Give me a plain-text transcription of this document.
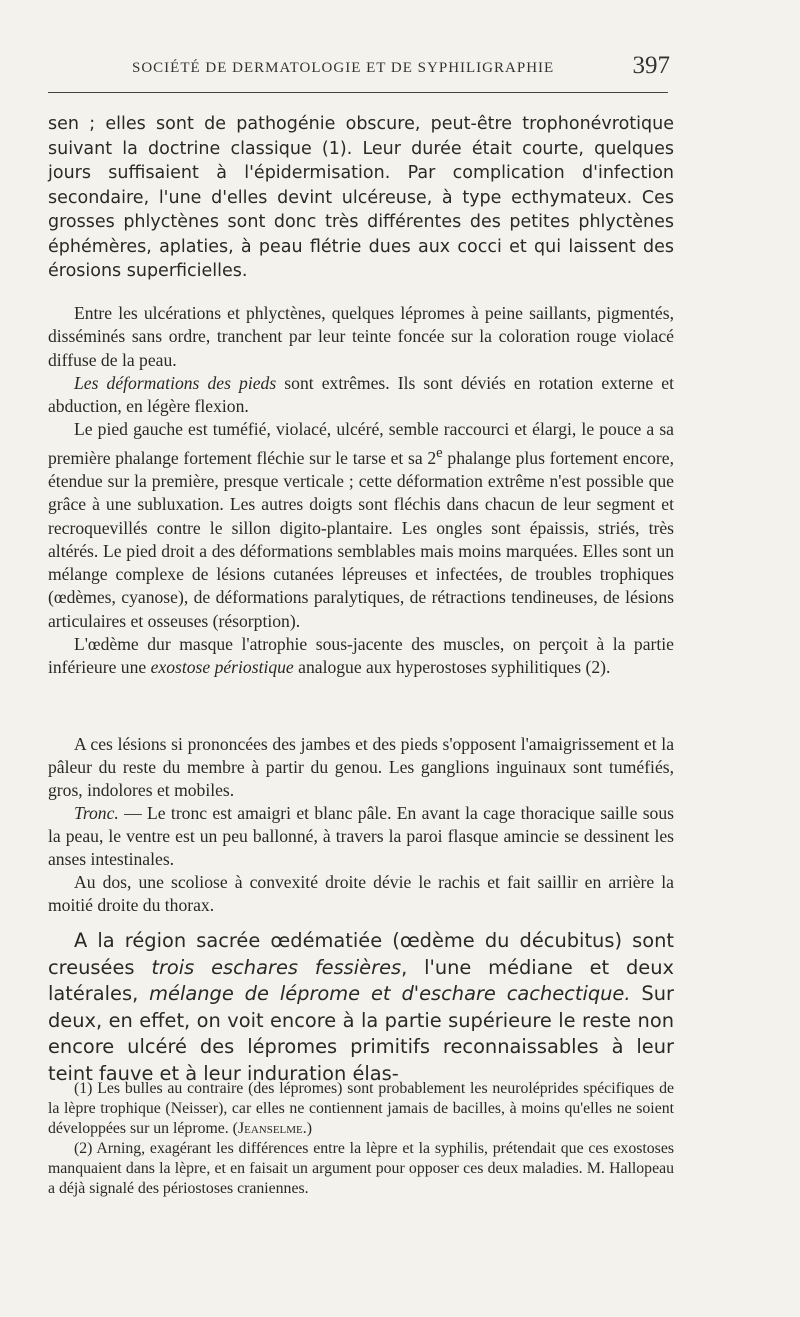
SOCIÉTÉ DE DERMATOLOGIE ET DE SYPHILIGRAPHIE	397

sen ; elles sont de pathogénie obscure, peut-être trophonévrotique suivant la doctrine classique (1). Leur durée était courte, quelques jours suffisaient à l'épidermisation. Par complication d'infection secondaire, l'une d'elles devint ulcéreuse, à type ecthymateux. Ces grosses phlyctènes sont donc très différentes des petites phlyctènes éphémères, aplaties, à peau flétrie dues aux cocci et qui laissent des érosions superficielles.

Entre les ulcérations et phlyctènes, quelques lépromes à peine saillants, pigmentés, disséminés sans ordre, tranchent par leur teinte foncée sur la coloration rouge violacé diffuse de la peau.

Les déformations des pieds sont extrêmes. Ils sont déviés en rotation externe et abduction, en légère flexion.

Le pied gauche est tuméfié, violacé, ulcéré, semble raccourci et élargi, le pouce a sa première phalange fortement fléchie sur le tarse et sa 2e phalange plus fortement encore, étendue sur la première, presque verticale ; cette déformation extrême n'est possible que grâce à une subluxation. Les autres doigts sont fléchis dans chacun de leur segment et recroquevillés contre le sillon digito-plantaire. Les ongles sont épaissis, striés, très altérés. Le pied droit a des déformations semblables mais moins marquées. Elles sont un mélange complexe de lésions cutanées lépreuses et infectées, de troubles trophiques (œdèmes, cyanose), de déformations paralytiques, de rétractions tendineuses, de lésions articulaires et osseuses (résorption).

L'œdème dur masque l'atrophie sous-jacente des muscles, on perçoit à la partie inférieure une exostose périostique analogue aux hyperostoses syphilitiques (2).

A ces lésions si prononcées des jambes et des pieds s'opposent l'amaigrissement et la pâleur du reste du membre à partir du genou. Les ganglions inguinaux sont tuméfiés, gros, indolores et mobiles.

Tronc. — Le tronc est amaigri et blanc pâle. En avant la cage thoracique saille sous la peau, le ventre est un peu ballonné, à travers la paroi flasque amincie se dessinent les anses intestinales.

Au dos, une scoliose à convexité droite dévie le rachis et fait saillir en arrière la moitié droite du thorax.

A la région sacrée œdématiée (œdème du décubitus) sont creusées trois eschares fessières, l'une médiane et deux latérales, mélange de léprome et d'eschare cachectique. Sur deux, en effet, on voit encore à la partie supérieure le reste non encore ulcéré des lépromes primitifs reconnaissables à leur teint fauve et à leur induration élas-

(1) Les bulles au contraire (des lépromes) sont probablement les neuroléprides spécifiques de la lèpre trophique (Neisser), car elles ne contiennent jamais de bacilles, à moins qu'elles ne soient développées sur un léprome. (Jeanselme.)

(2) Arning, exagérant les différences entre la lèpre et la syphilis, prétendait que ces exostoses manquaient dans la lèpre, et en faisait un argument pour opposer ces deux maladies. M. Hallopeau a déjà signalé des périostoses craniennes.
